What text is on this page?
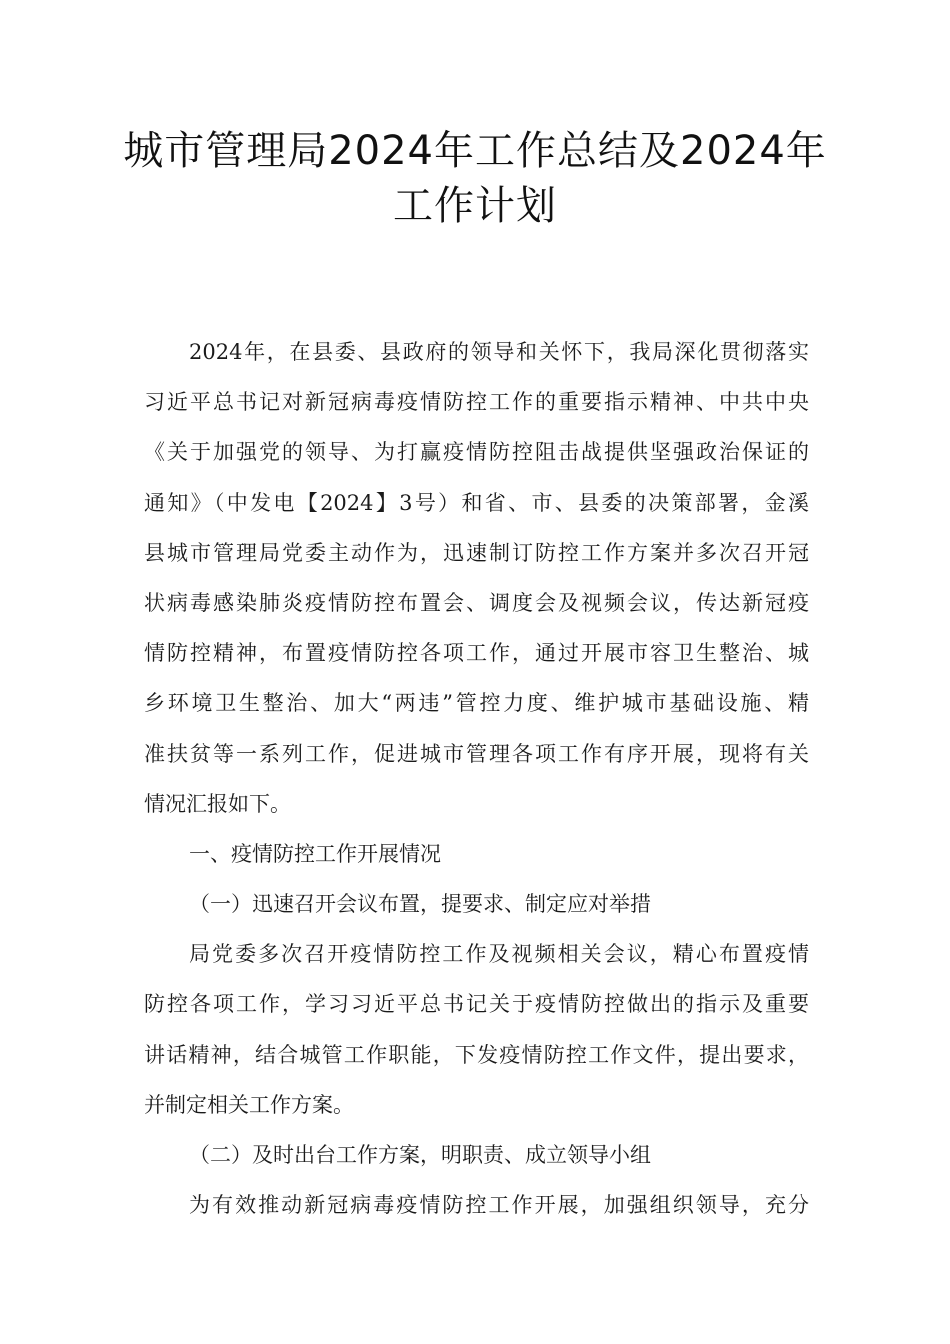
城市管理局2024年工作总结及2024年
工作计划
2024年，在县委、县政府的领导和关怀下，我局深化贯彻落实
习近平总书记对新冠病毒疫情防控工作的重要指示精神、中共中央
《关于加强党的领导、为打赢疫情防控阻击战提供坚强政治保证的
通知》（中发电【2024】3号）和省、市、县委的决策部署，金溪
县城市管理局党委主动作为，迅速制订防控工作方案并多次召开冠
状病毒感染肺炎疫情防控布置会、调度会及视频会议，传达新冠疫
情防控精神，布置疫情防控各项工作，通过开展市容卫生整治、城
乡环境卫生整治、加大“两违”管控力度、维护城市基础设施、精
准扶贫等一系列工作，促进城市管理各项工作有序开展，现将有关
情况汇报如下。
一、疫情防控工作开展情况
（一）迅速召开会议布置，提要求、制定应对举措
局党委多次召开疫情防控工作及视频相关会议，精心布置疫情
防控各项工作，学习习近平总书记关于疫情防控做出的指示及重要
讲话精神，结合城管工作职能，下发疫情防控工作文件，提出要求，
并制定相关工作方案。
（二）及时出台工作方案，明职责、成立领导小组
为有效推动新冠病毒疫情防控工作开展，加强组织领导，充分
